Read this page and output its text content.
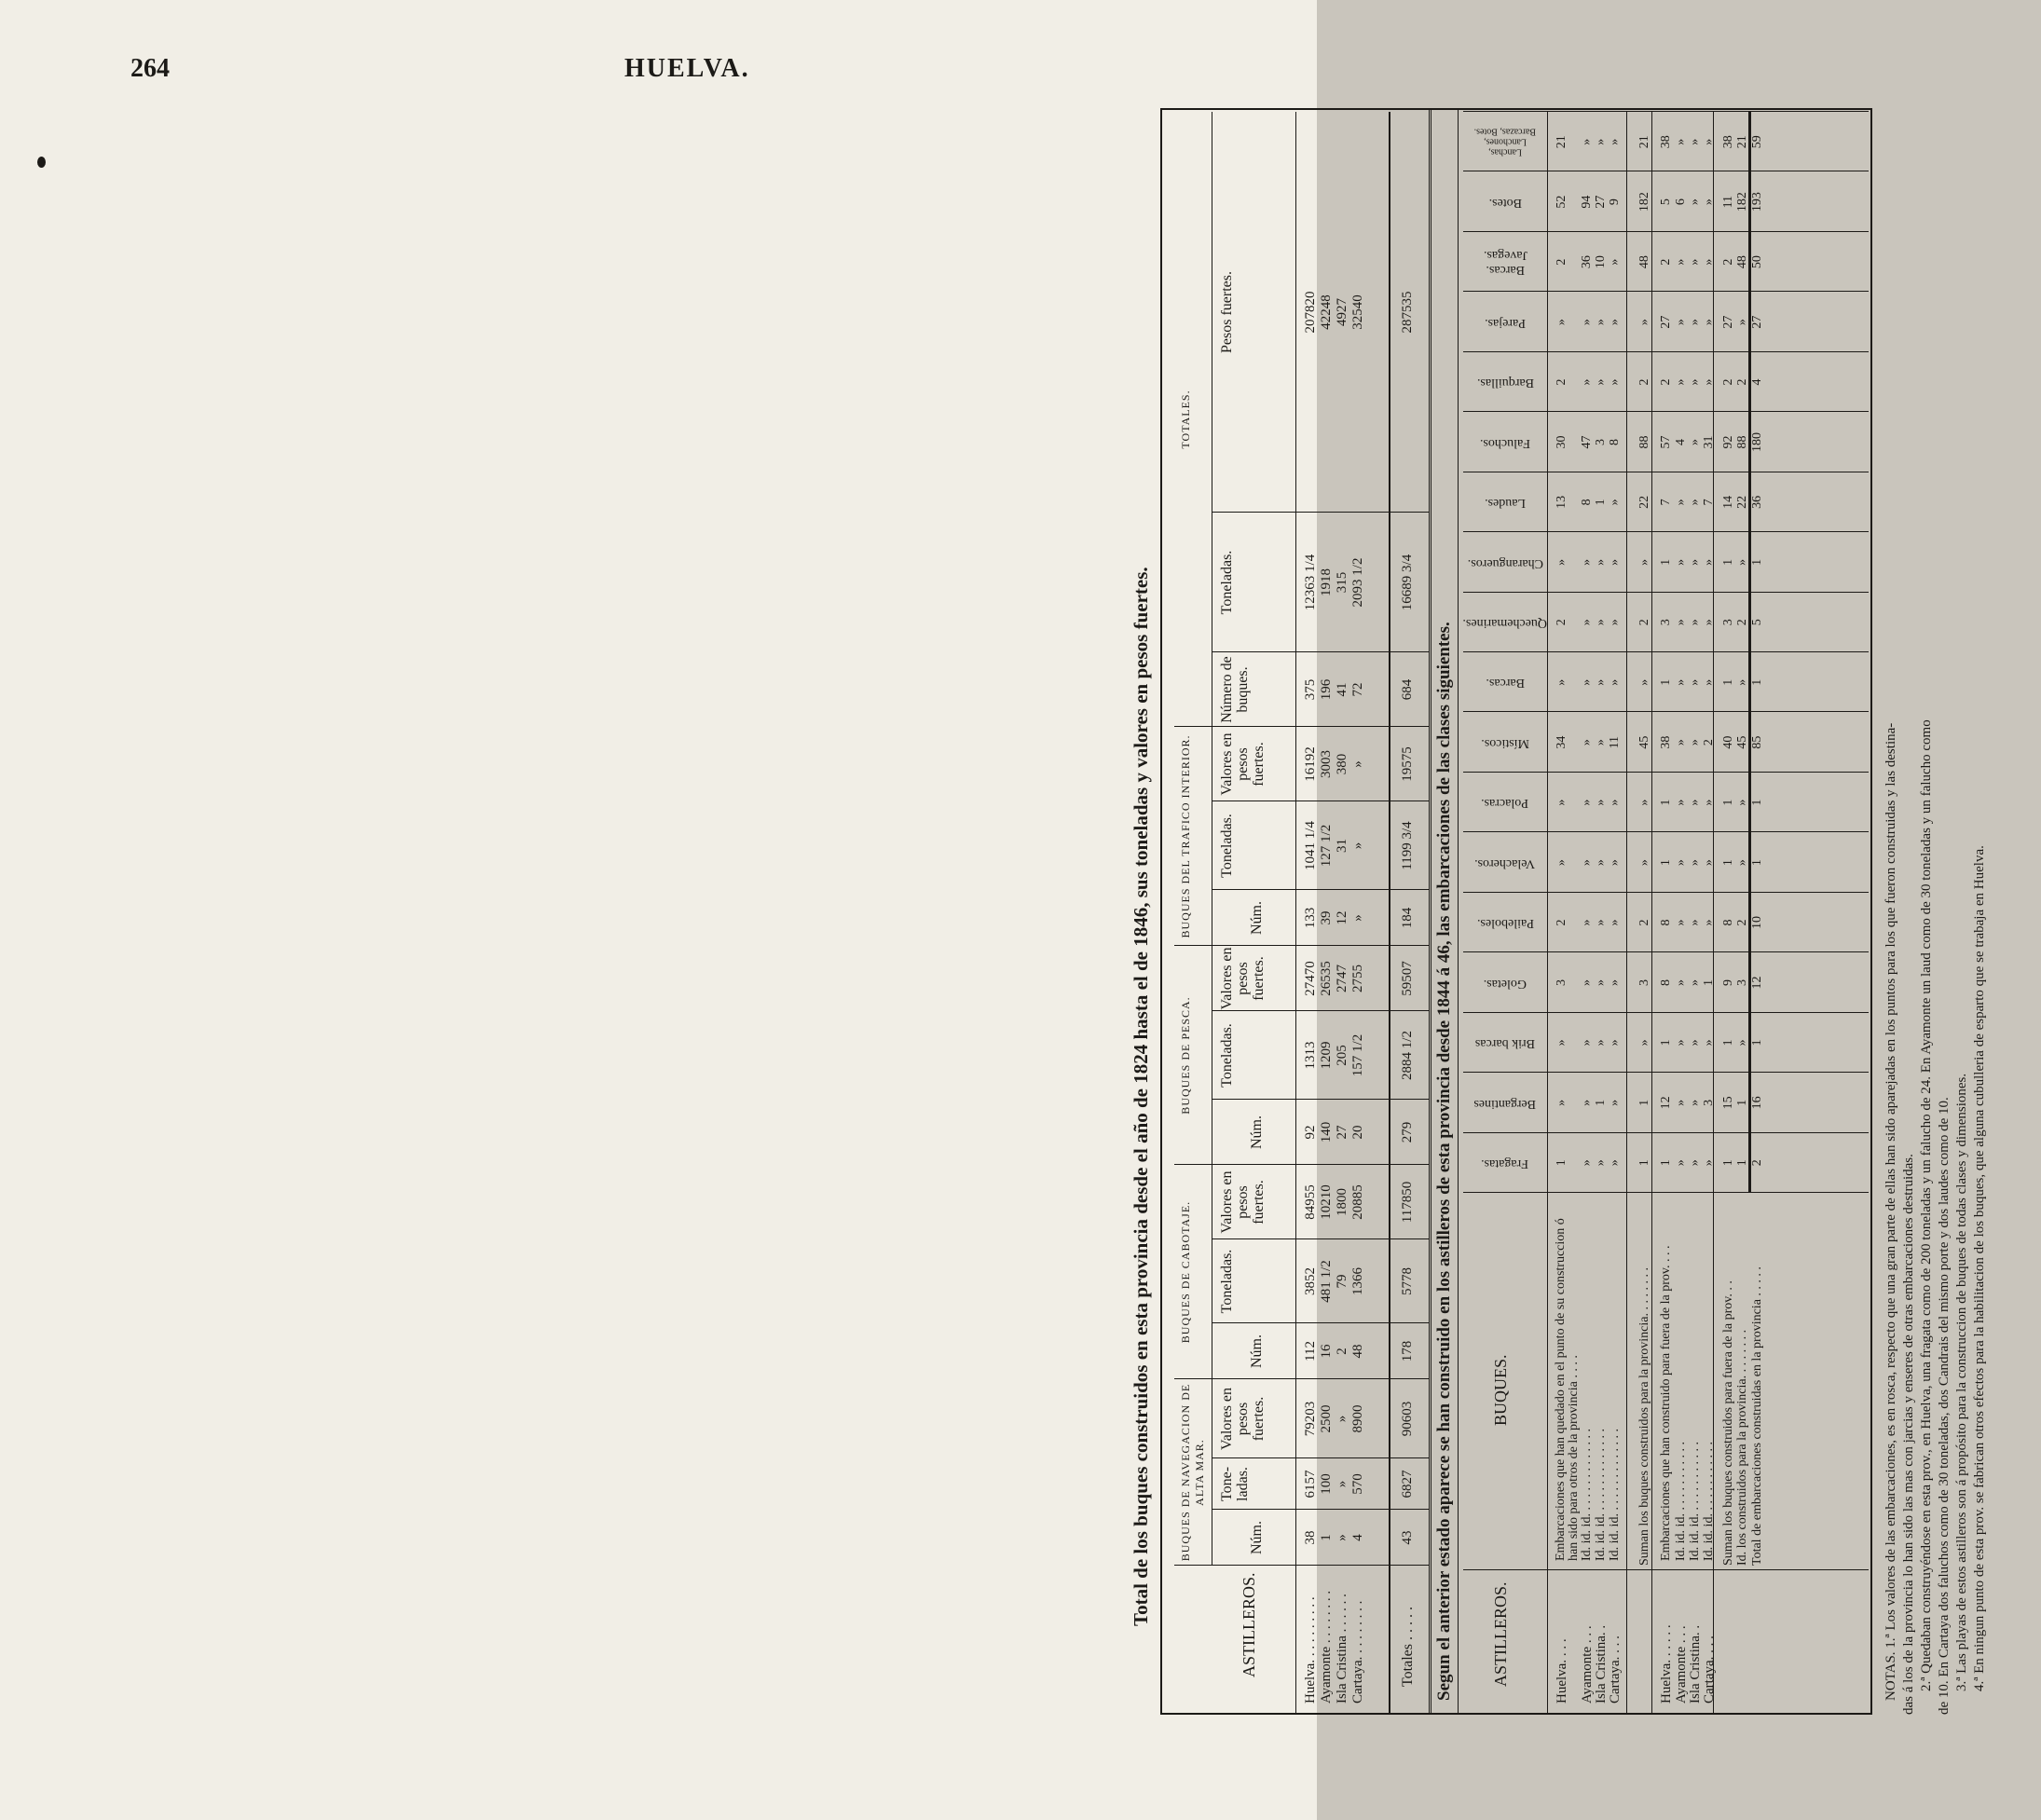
264	HUELVA.
Total de los buques construidos en esta provincia desde el año de 1824 hasta el de 1846, sus toneladas y valores en pesos fuertes.	ASTILLEROS.
BUQUES DE NAVEGACION DE ALTA MAR.
BUQUES DE CABOTAJE.
BUQUES DE PESCA.
BUQUES DEL TRAFICO INTERIOR.
TOTALES.
Núm.
Tone-ladas.
Valores en pesos fuertes.
Núm.
Toneladas.
Valores en pesos fuertes.
Núm.
Toneladas.
Valores en pesos fuertes.
Núm.
Toneladas.
Valores en pesos fuertes.
Número de buques.
Toneladas.
Pesos fuertes.
Huelva. . . . . . . . . .
38
6157
79203
112
3852
84955
92
1313
27470
133
1041 1/4
16192
375
12363 1/4
207820
Ayamonte . . . . . . . .
1
100
2500
16
481 1/2
10210
140
1209
26535
39
127 1/2
3003
196
1918
42248
Isla Cristina . . . . . .
»
»
»
2
79
1800
27
205
2747
12
31
380
41
315
4927
Cartaya. . . . . . . . .
4
570
8900
48
1366
20885
20
157 1/2
2755
»
»
»
72
2093 1/2
32540
Totales . . . . .
43
6827
90603
178
5778
117850
279
2884 1/2
59507
184
1199 3/4
19575
684
16689 3/4
287535
Segun el anterior estado aparece se han construido en los astilleros de esta provincia desde 1844 á 46, las embarcaciones de las clases siguientes. ASTILLEROS.
BUQUES.
Fragatas.
Bergantines
Brik barcas
Goletas.
Paileboles.
Velacheros.
Polacras.
Místicos.
Barcas.
Quechemarines.
Charangueros.
Laudes.
Faluchos.
Barquillas.
Parejas.
Barcas. Javegas.
Botes.
Lanchas, Lanchones, Barcazas, Botes.
Huelva. . . .
Embarcaciones que han quedado en el punto de su construccion ó han sido para otros de la provincia . . . .
1
»
»
3
2
»
»
34
»
2
»
13
30
2
»
2
52
21
Ayamonte . . .
Id. id. id. . . . . . . . . . . . . .
»
»
»
»
»
»
»
»
»
»
»
8
47
»
»
36
94
»
Isla Cristina. .
Id. id. id. . . . . . . . . . . . . .
»
1
»
»
»
»
»
»
»
»
»
1
3
»
»
10
27
»
Cartaya. . . .
Id. id. id. . . . . . . . . . . . . .
»
»
»
»
»
»
»
11
»
»
»
»
8
»
»
»
9
»
Suman los buques construidos para la provincia. . . . . . . .
1
1
»
3
2
»
»
45
»
2
»
22
88
2
»
48
182
21
Huelva. . . . . .
Embarcaciones que han construido para fuera de la prov. . . .
1
12
1
8
8
1
1
38
1
3
1
7
57
2
27
2
5
38
Ayamonte . . .
Id. id. id. . . . . . . . . . . .
»
»
»
»
»
»
»
»
»
»
»
»
4
»
»
»
6
»
Isla Cristina. .
Id. id. id. . . . . . . . . . . .
»
»
»
»
»
»
»
»
»
»
»
»
»
»
»
»
»
»
Cartaya. . . .
Id. id. id. . . . . . . . . . . .
»
3
»
1
»
»
»
2
»
»
»
7
31
»
»
»
»
»
Suman los buques construidos para fuera de la prov. . .
1
15
1
9
8
1
1
40
1
3
1
14
92
2
27
2
11
38
Id. los construidos para la provincia. . . . . . . .
1
1
»
3
2
»
»
45
»
2
»
22
88
2
»
48
182
21
Total de embarcaciones construidas en la provincia . . . . .
2
16
1
12
10
1
1
85
1
5
1
36
180
4
27
50
193
59
NOTAS. 1.ª Los valores de las embarcaciones, es en rosca, respecto que una gran parte de ellas han sido aparejadas en los puntos para los que fueron construidas y las destina- das á los de la provincia lo han sido las mas con jarcias y enseres de otras embarcaciones destruidas. 2.ª Quedaban construyéndose en esta prov., en Huelva, una fragata como de 200 toneladas y un falucho de 24. En Ayamonte un laud como de 30 toneladas y un falucho como de 10. En Cartaya dos faluchos como de 30 toneladas, dos Candrais del mismo porte y dos laudes como de 10. 3.ª Las playas de estos astilleros son á propósito para la construccion de buques de todas clases y dimensiones. 4.ª En ningun punto de esta prov. se fabrican otros efectos para la habilitacion de los buques, que alguna cubulleria de esparto que se trabaja en Huelva.
